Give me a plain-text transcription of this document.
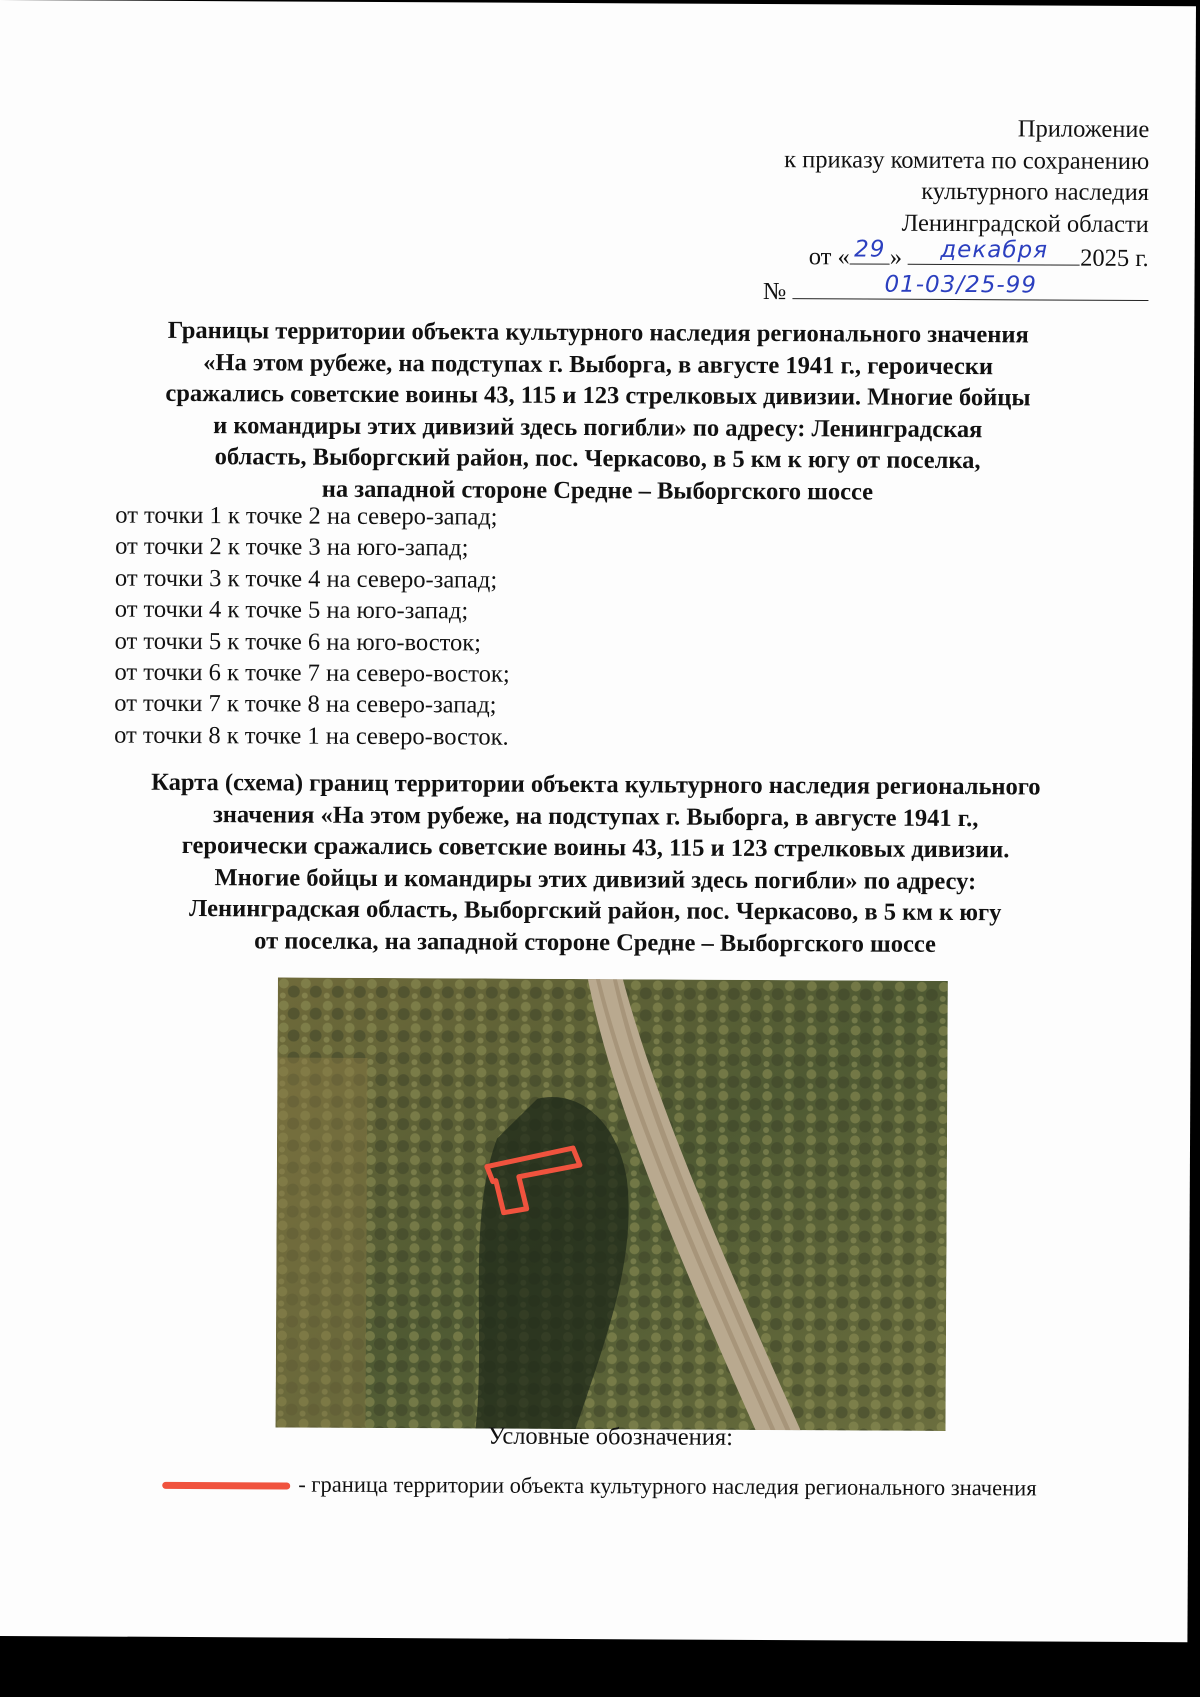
Приложение
к приказу комитета по сохранению
культурного наследия
Ленинградской области
от « 29 »	декабря	2025 г.
№	01-03/25-99
Границы территории объекта культурного наследия регионального значения
«На этом рубеже, на подступах г. Выборга, в августе 1941 г., героически
сражались советские воины 43, 115 и 123 стрелковых дивизии. Многие бойцы
и командиры этих дивизий здесь погибли» по адресу: Ленинградская
область, Выборгский район, пос. Черкасово, в 5 км к югу от поселка,
на западной стороне Средне – Выборгского шоссе
от точки 1 к точке 2 на северо-запад;
от точки 2 к точке 3 на юго-запад;
от точки 3 к точке 4 на северо-запад;
от точки 4 к точке 5 на юго-запад;
от точки 5 к точке 6 на юго-восток;
от точки 6 к точке 7 на северо-восток;
от точки 7 к точке 8 на северо-запад;
от точки 8 к точке 1 на северо-восток.
Карта (схема) границ территории объекта культурного наследия регионального
значения «На этом рубеже, на подступах г. Выборга, в августе 1941 г.,
героически сражались советские воины 43, 115 и 123 стрелковых дивизии.
Многие бойцы и командиры этих дивизий здесь погибли» по адресу:
Ленинградская область, Выборгский район, пос. Черкасово, в 5 км к югу
от поселка, на западной стороне Средне – Выборгского шоссе
Условные обозначения:
- граница территории объекта культурного наследия регионального значения
